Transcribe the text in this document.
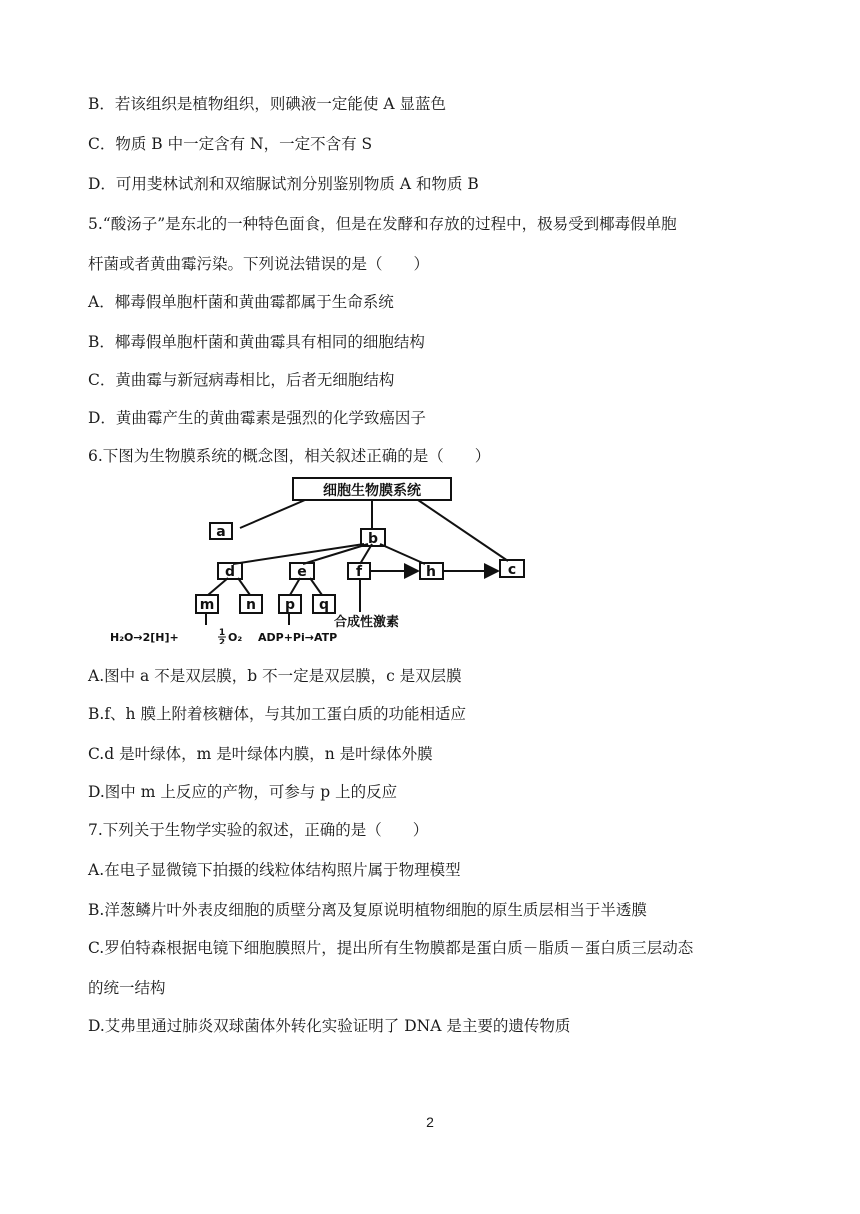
B．若该组织是植物组织，则碘液一定能使 A 显蓝色
C．物质 B 中一定含有 N，一定不含有 S
D．可用斐林试剂和双缩脲试剂分别鉴别物质 A 和物质 B
5.“酸汤子”是东北的一种特色面食，但是在发酵和存放的过程中，极易受到椰毒假单胞
杆菌或者黄曲霉污染。下列说法错误的是（　　）
A．椰毒假单胞杆菌和黄曲霉都属于生命系统
B．椰毒假单胞杆菌和黄曲霉具有相同的细胞结构
C．黄曲霉与新冠病毒相比，后者无细胞结构
D．黄曲霉产生的黄曲霉素是强烈的化学致癌因子
6.下图为生物膜系统的概念图，相关叙述正确的是（　　）
细胞生物膜系统
a	b
c
d	e	f	h
m n p q
合成性激素
H₂O→2[H]+	1
2 O₂ ADP+Pi→ATP
A.图中 a 不是双层膜，b 不一定是双层膜，c 是双层膜
B.f、h 膜上附着核糖体，与其加工蛋白质的功能相适应
C.d 是叶绿体，m 是叶绿体内膜，n 是叶绿体外膜
D.图中 m 上反应的产物，可参与 p 上的反应
7.下列关于生物学实验的叙述，正确的是（　　）
A.在电子显微镜下拍摄的线粒体结构照片属于物理模型
B.洋葱鳞片叶外表皮细胞的质壁分离及复原说明植物细胞的原生质层相当于半透膜
C.罗伯特森根据电镜下细胞膜照片，提出所有生物膜都是蛋白质－脂质－蛋白质三层动态
的统一结构
D.艾弗里通过肺炎双球菌体外转化实验证明了 DNA 是主要的遗传物质
2
